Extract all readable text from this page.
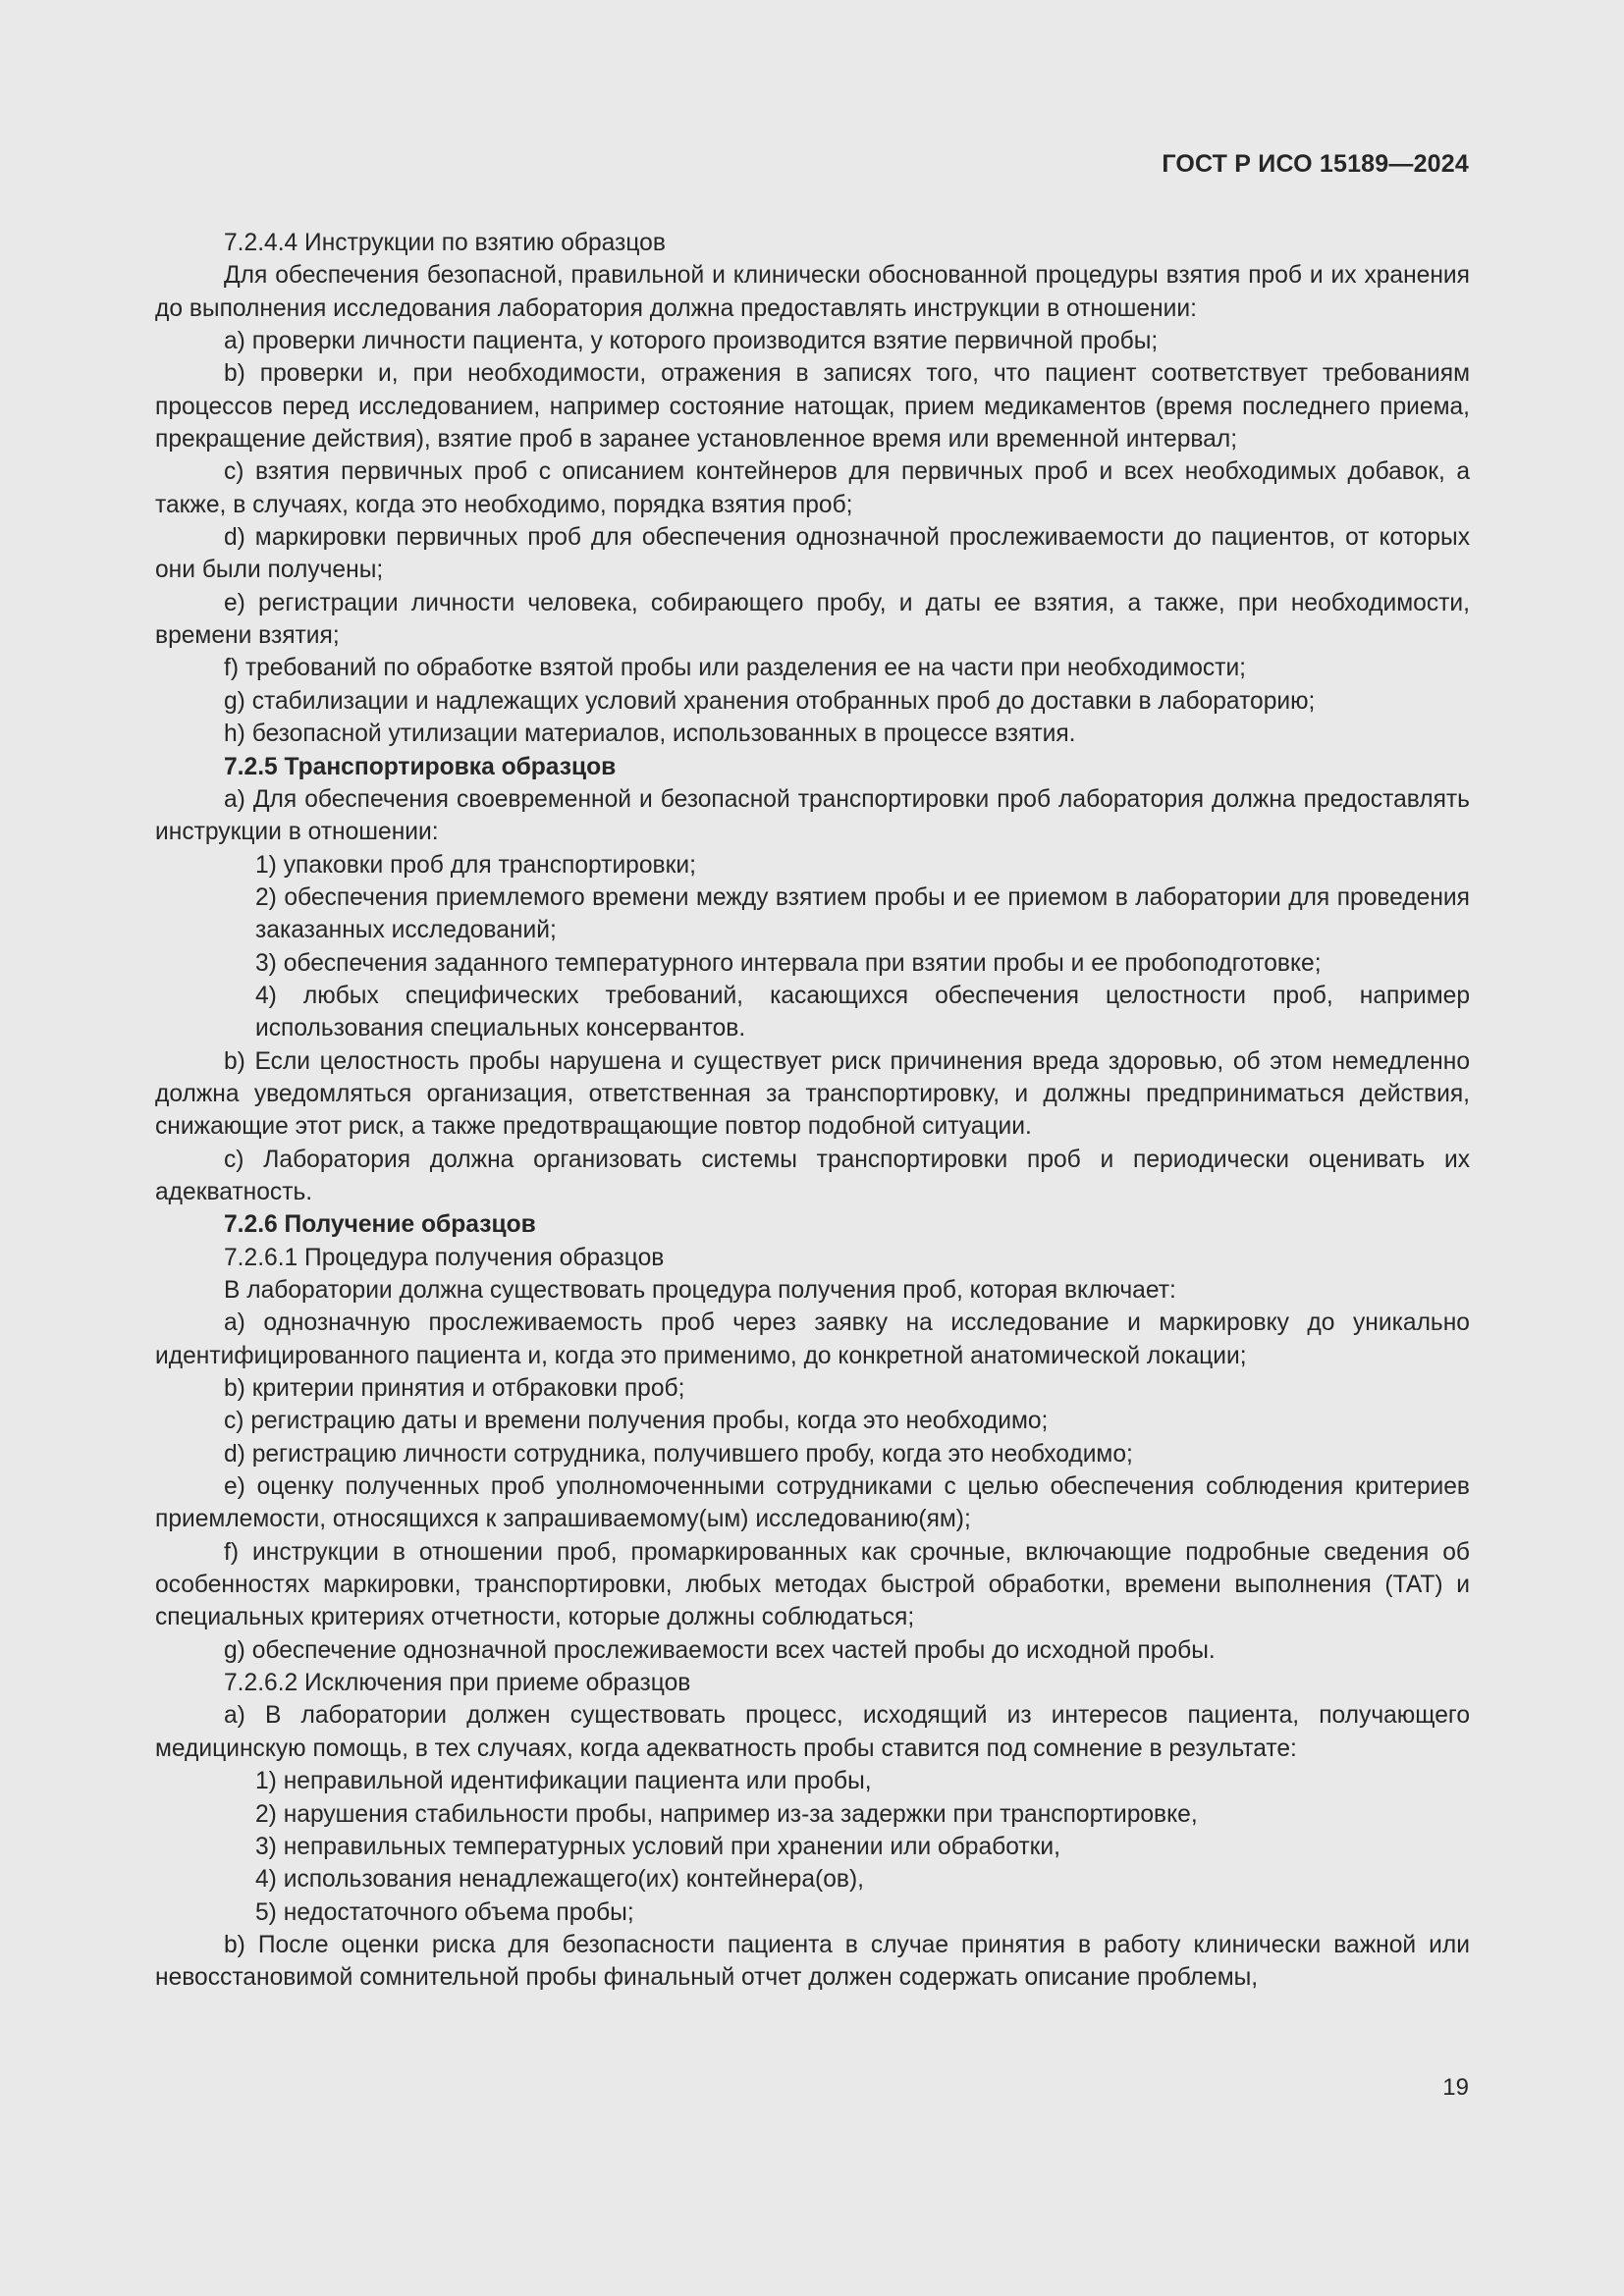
ГОСТ Р ИСО 15189—2024

7.2.4.4 Инструкции по взятию образцов

Для обеспечения безопасной, правильной и клинически обоснованной процедуры взятия проб и их хранения до выполнения исследования лаборатория должна предоставлять инструкции в отношении:

a) проверки личности пациента, у которого производится взятие первичной пробы;

b) проверки и, при необходимости, отражения в записях того, что пациент соответствует требованиям процессов перед исследованием, например состояние натощак, прием медикаментов (время последнего приема, прекращение действия), взятие проб в заранее установленное время или временной интервал;

c) взятия первичных проб с описанием контейнеров для первичных проб и всех необходимых добавок, а также, в случаях, когда это необходимо, порядка взятия проб;

d) маркировки первичных проб для обеспечения однозначной прослеживаемости до пациентов, от которых они были получены;

e) регистрации личности человека, собирающего пробу, и даты ее взятия, а также, при необходимости, времени взятия;

f) требований по обработке взятой пробы или разделения ее на части при необходимости;

g) стабилизации и надлежащих условий хранения отобранных проб до доставки в лабораторию;

h) безопасной утилизации материалов, использованных в процессе взятия.

7.2.5 Транспортировка образцов

a) Для обеспечения своевременной и безопасной транспортировки проб лаборатория должна предоставлять инструкции в отношении:

1) упаковки проб для транспортировки;

2) обеспечения приемлемого времени между взятием пробы и ее приемом в лаборатории для проведения заказанных исследований;

3) обеспечения заданного температурного интервала при взятии пробы и ее пробоподготовке;

4) любых специфических требований, касающихся обеспечения целостности проб, например использования специальных консервантов.

b) Если целостность пробы нарушена и существует риск причинения вреда здоровью, об этом немедленно должна уведомляться организация, ответственная за транспортировку, и должны предприниматься действия, снижающие этот риск, а также предотвращающие повтор подобной ситуации.

c) Лаборатория должна организовать системы транспортировки проб и периодически оценивать их адекватность.

7.2.6 Получение образцов

7.2.6.1 Процедура получения образцов

В лаборатории должна существовать процедура получения проб, которая включает:

a) однозначную прослеживаемость проб через заявку на исследование и маркировку до уникально идентифицированного пациента и, когда это применимо, до конкретной анатомической локации;

b) критерии принятия и отбраковки проб;

c) регистрацию даты и времени получения пробы, когда это необходимо;

d) регистрацию личности сотрудника, получившего пробу, когда это необходимо;

e) оценку полученных проб уполномоченными сотрудниками с целью обеспечения соблюдения критериев приемлемости, относящихся к запрашиваемому(ым) исследованию(ям);

f) инструкции в отношении проб, промаркированных как срочные, включающие подробные сведения об особенностях маркировки, транспортировки, любых методах быстрой обработки, времени выполнения (TAT) и специальных критериях отчетности, которые должны соблюдаться;

g) обеспечение однозначной прослеживаемости всех частей пробы до исходной пробы.

7.2.6.2 Исключения при приеме образцов

a) В лаборатории должен существовать процесс, исходящий из интересов пациента, получающего медицинскую помощь, в тех случаях, когда адекватность пробы ставится под сомнение в результате:

1) неправильной идентификации пациента или пробы,

2) нарушения стабильности пробы, например из-за задержки при транспортировке,

3) неправильных температурных условий при хранении или обработки,

4) использования ненадлежащего(их) контейнера(ов),

5) недостаточного объема пробы;

b) После оценки риска для безопасности пациента в случае принятия в работу клинически важной или невосстановимой сомнительной пробы финальный отчет должен содержать описание проблемы,

19
